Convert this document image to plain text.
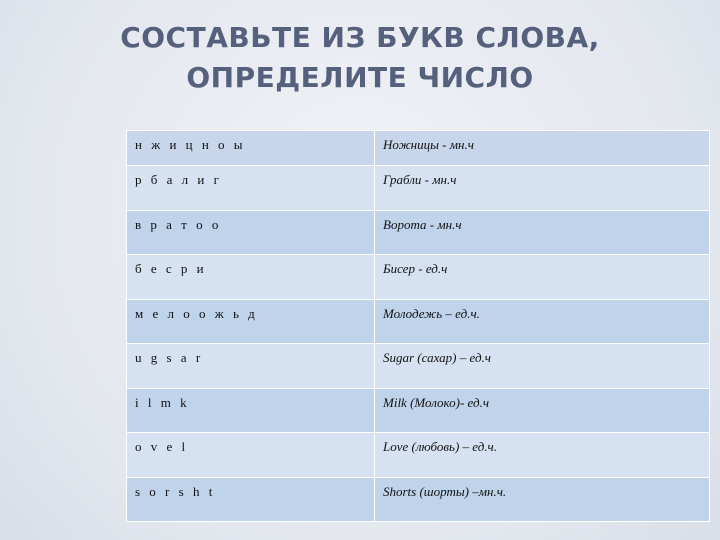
СОСТАВЬТЕ ИЗ БУКВ СЛОВА,
ОПРЕДЕЛИТЕ ЧИСЛО
н ж и ц н о ы	Ножницы - мн.ч
р б а л и г	Грабли - мн.ч
в р а т о о	Ворота - мн.ч
б е с р и	Бисер - ед.ч
м е л о о ж ь д	Молодежь – ед.ч.
u g s a r	Sugar (сахар) – ед.ч
i l m k	Milk (Молоко)- ед.ч
o v e l	Love (любовь) – ед.ч.
s o r s h t	Shorts (шорты) –мн.ч.
